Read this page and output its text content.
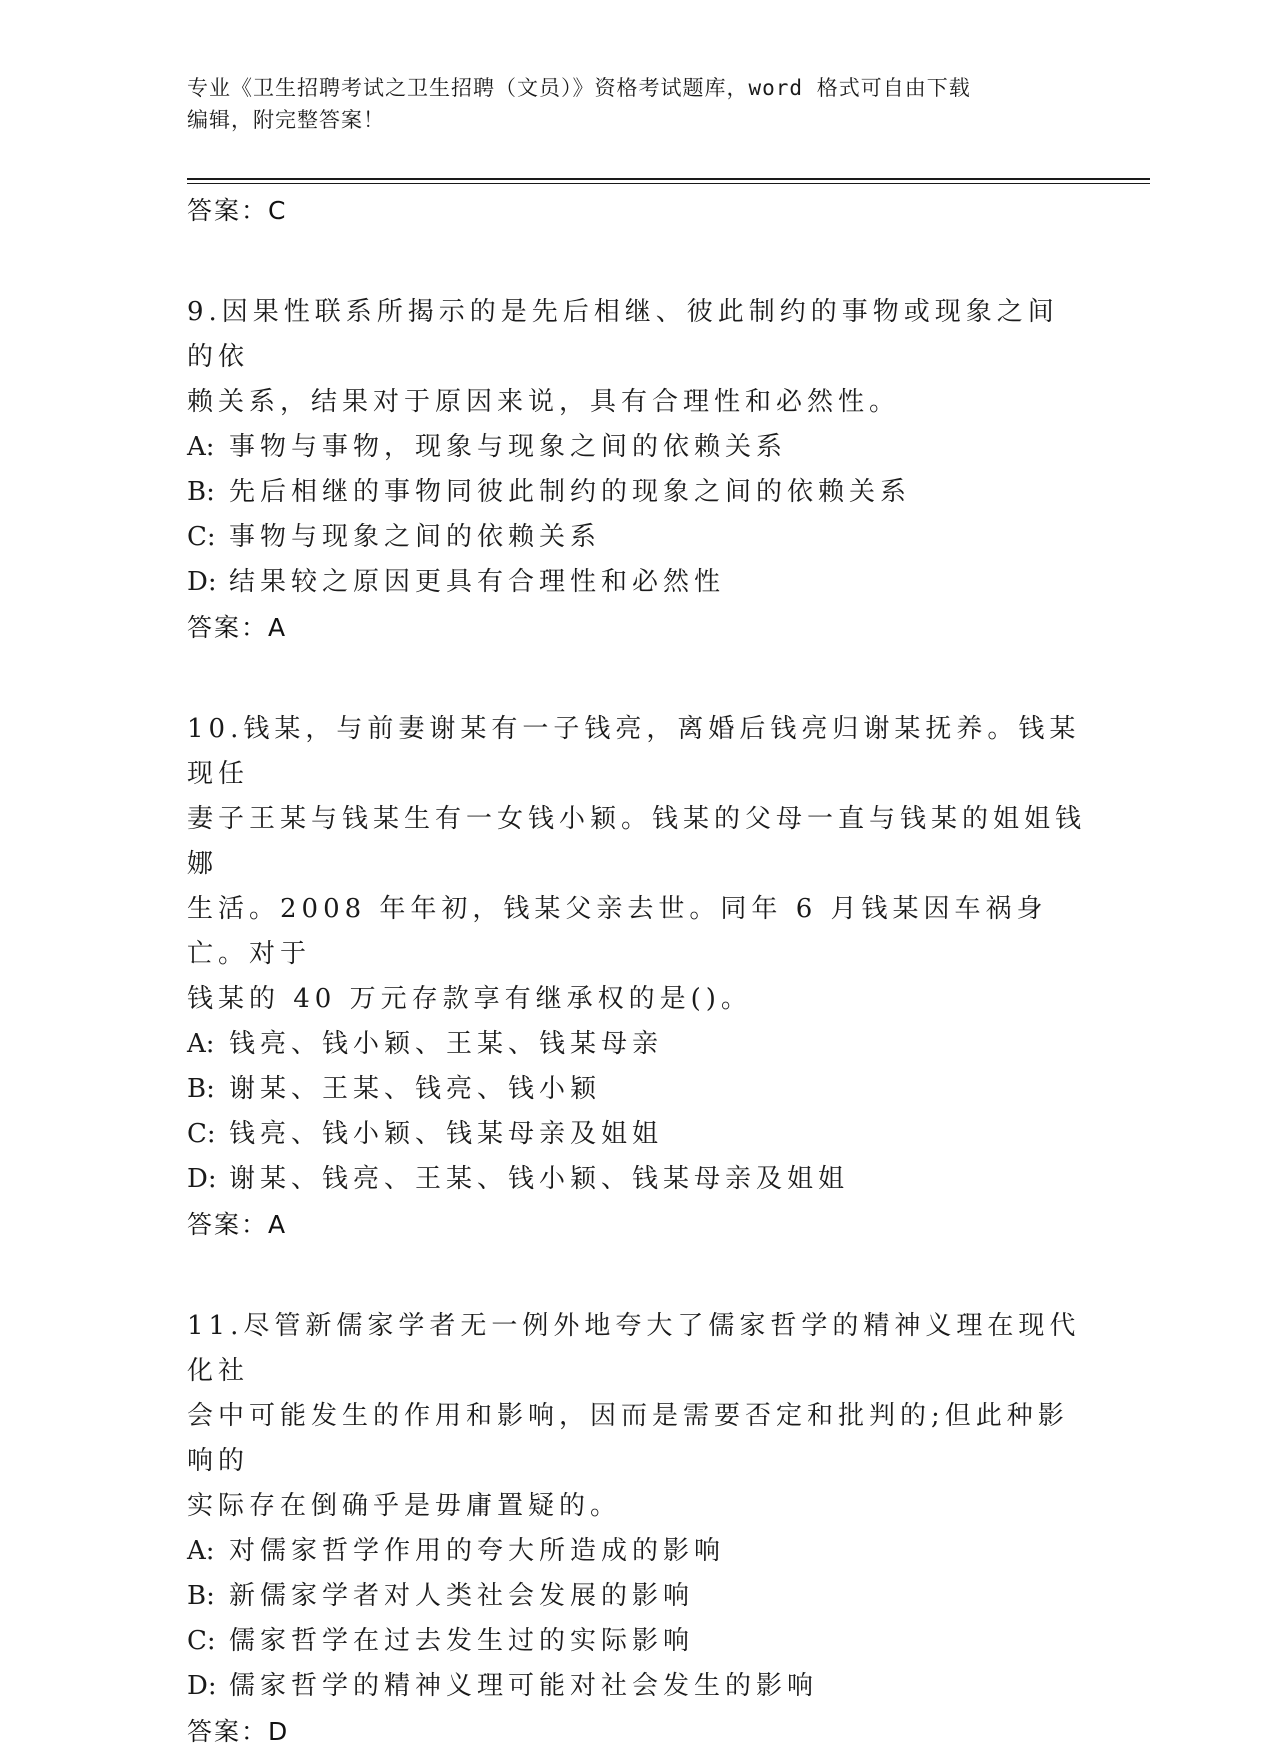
专业《卫生招聘考试之卫生招聘（文员）》资格考试题库，word 格式可自由下载
编辑，附完整答案！
答案：C
9.因果性联系所揭示的是先后相继、彼此制约的事物或现象之间的依
赖关系，结果对于原因来说，具有合理性和必然性。
A: 事物与事物，现象与现象之间的依赖关系
B: 先后相继的事物同彼此制约的现象之间的依赖关系
C: 事物与现象之间的依赖关系
D: 结果较之原因更具有合理性和必然性
答案：A
10.钱某，与前妻谢某有一子钱亮，离婚后钱亮归谢某抚养。钱某现任
妻子王某与钱某生有一女钱小颖。钱某的父母一直与钱某的姐姐钱娜
生活。2008 年年初，钱某父亲去世。同年 6 月钱某因车祸身亡。对于
钱某的 40 万元存款享有继承权的是()。
A: 钱亮、钱小颖、王某、钱某母亲
B: 谢某、王某、钱亮、钱小颖
C: 钱亮、钱小颖、钱某母亲及姐姐
D: 谢某、钱亮、王某、钱小颖、钱某母亲及姐姐
答案：A
11.尽管新儒家学者无一例外地夸大了儒家哲学的精神义理在现代化社
会中可能发生的作用和影响，因而是需要否定和批判的;但此种影响的
实际存在倒确乎是毋庸置疑的。
A: 对儒家哲学作用的夸大所造成的影响
B: 新儒家学者对人类社会发展的影响
C: 儒家哲学在过去发生过的实际影响
D: 儒家哲学的精神义理可能对社会发生的影响
答案：D
